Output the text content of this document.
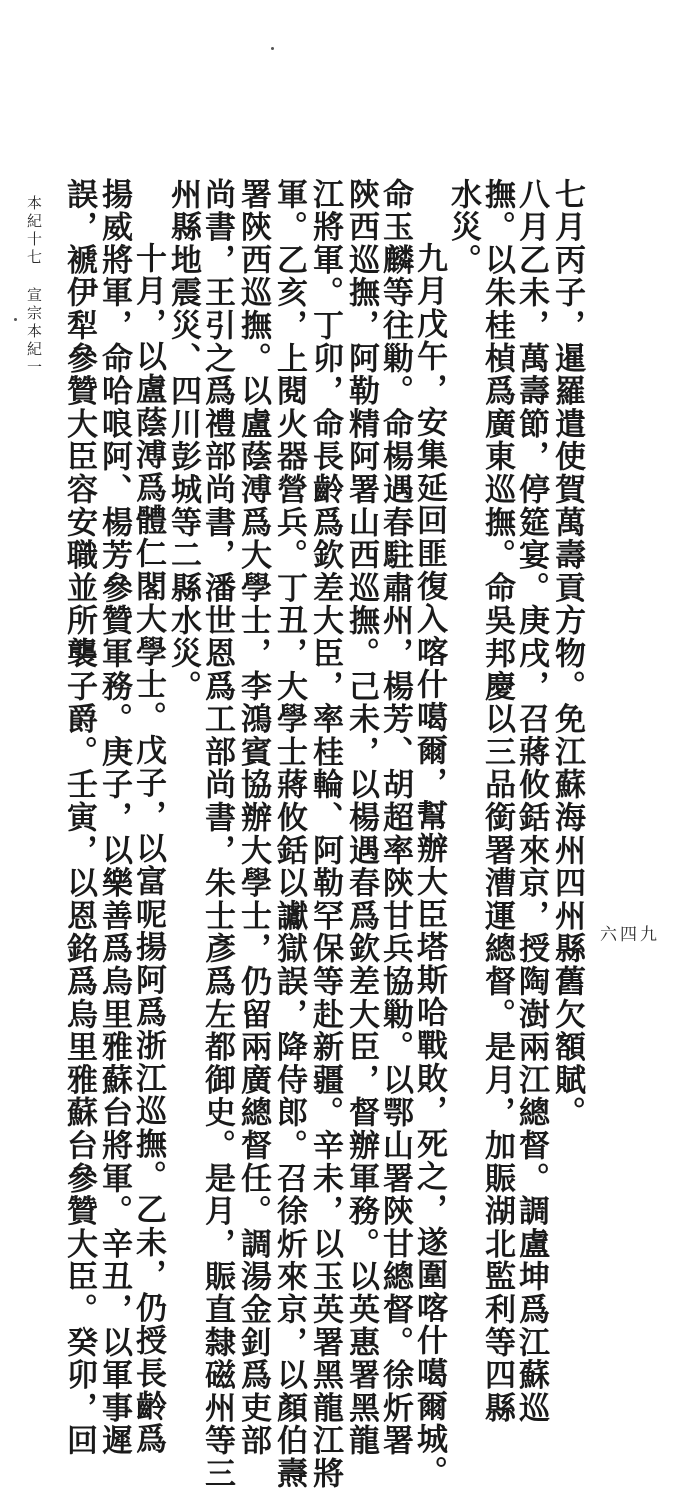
七月丙子，暹羅遣使賀萬壽貢方物。免江蘇海州四州縣舊欠額賦。
八月乙未，萬壽節，停筵宴。庚戌，召蔣攸銛來京，授陶澍兩江總督。調盧坤爲江蘇巡
撫。以朱桂楨爲廣東巡撫。命吳邦慶以三品銜署漕運總督。是月，加賑湖北監利等四縣
水災。
九月戊午，安集延回匪復入喀什噶爾，幫辦大臣塔斯哈戰敗，死之，遂圍喀什噶爾城。
命玉麟等往勦。命楊遇春駐肅州，楊芳、胡超率陝甘兵協勦。以鄂山署陝甘總督。徐炘署
陝西巡撫，阿勒精阿署山西巡撫。己未，以楊遇春爲欽差大臣，督辦軍務。以英惠署黑龍
江將軍。丁卯，命長齡爲欽差大臣，率桂輪、阿勒罕保等赴新疆。辛未，以玉英署黑龍江將
軍。乙亥，上閱火器營兵。丁丑，大學士蔣攸銛以讞獄誤，降侍郎。召徐炘來京，以顏伯燾
署陝西巡撫。以盧蔭溥爲大學士，李鴻賓協辦大學士，仍留兩廣總督任。調湯金釗爲吏部
尚書，王引之爲禮部尚書，潘世恩爲工部尚書，朱士彥爲左都御史。是月，賑直隸磁州等三
州縣地震災、四川彭城等二縣水災。
十月，以盧蔭溥爲體仁閣大學士。戊子，以富呢揚阿爲浙江巡撫。乙未，仍授長齡爲
揚威將軍，命哈哴阿、楊芳參贊軍務。庚子，以樂善爲烏里雅蘇台將軍。辛丑，以軍事遲
本紀十七宣宗本紀一
六四九
誤，褫伊犁參贊大臣容安職並所襲子爵。壬寅，以恩銘爲烏里雅蘇台參贊大臣。癸卯，回
